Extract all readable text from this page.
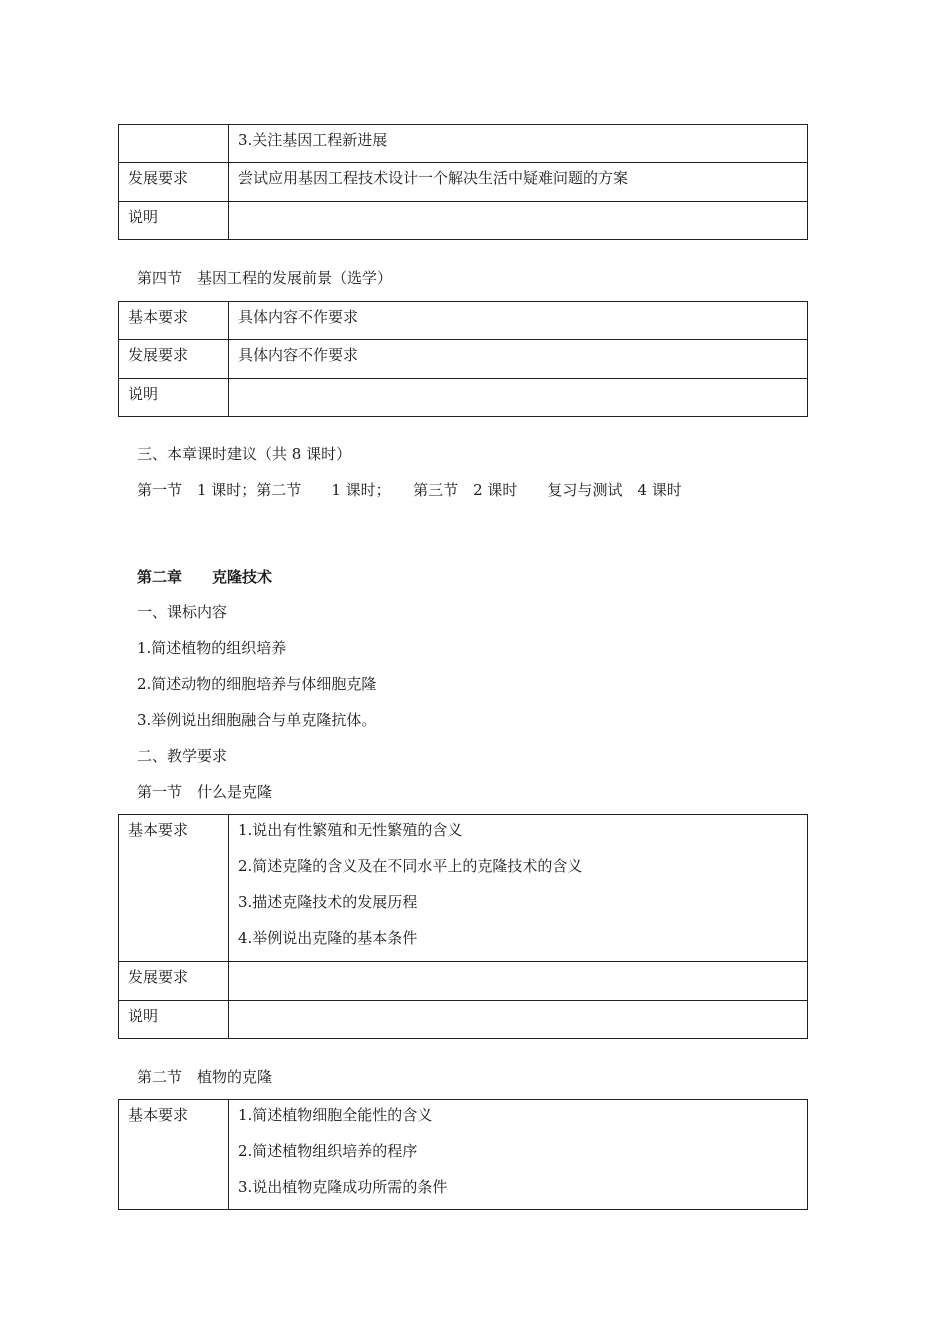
	3.关注基因工程新进展

发展要求	尝试应用基因工程技术设计一个解决生活中疑难问题的方案

说明	

第四节　基因工程的发展前景（选学）
基本要求	具体内容不作要求

发展要求	具体内容不作要求

说明	

三、本章课时建议（共 8 课时）
第一节　1 课时；第二节　　1 课时；　　第三节　2 课时　　复习与测试　4 课时
第二章　　克隆技术
一、课标内容
1.简述植物的组织培养
2.简述动物的细胞培养与体细胞克隆
3.举例说出细胞融合与单克隆抗体。
二、教学要求
第一节　什么是克隆
基本要求	1.说出有性繁殖和无性繁殖的含义
2.简述克隆的含义及在不同水平上的克隆技术的含义
3.描述克隆技术的发展历程
4.举例说出克隆的基本条件

发展要求	

说明	

第二节　植物的克隆
基本要求	1.简述植物细胞全能性的含义
2.简述植物组织培养的程序
3.说出植物克隆成功所需的条件
